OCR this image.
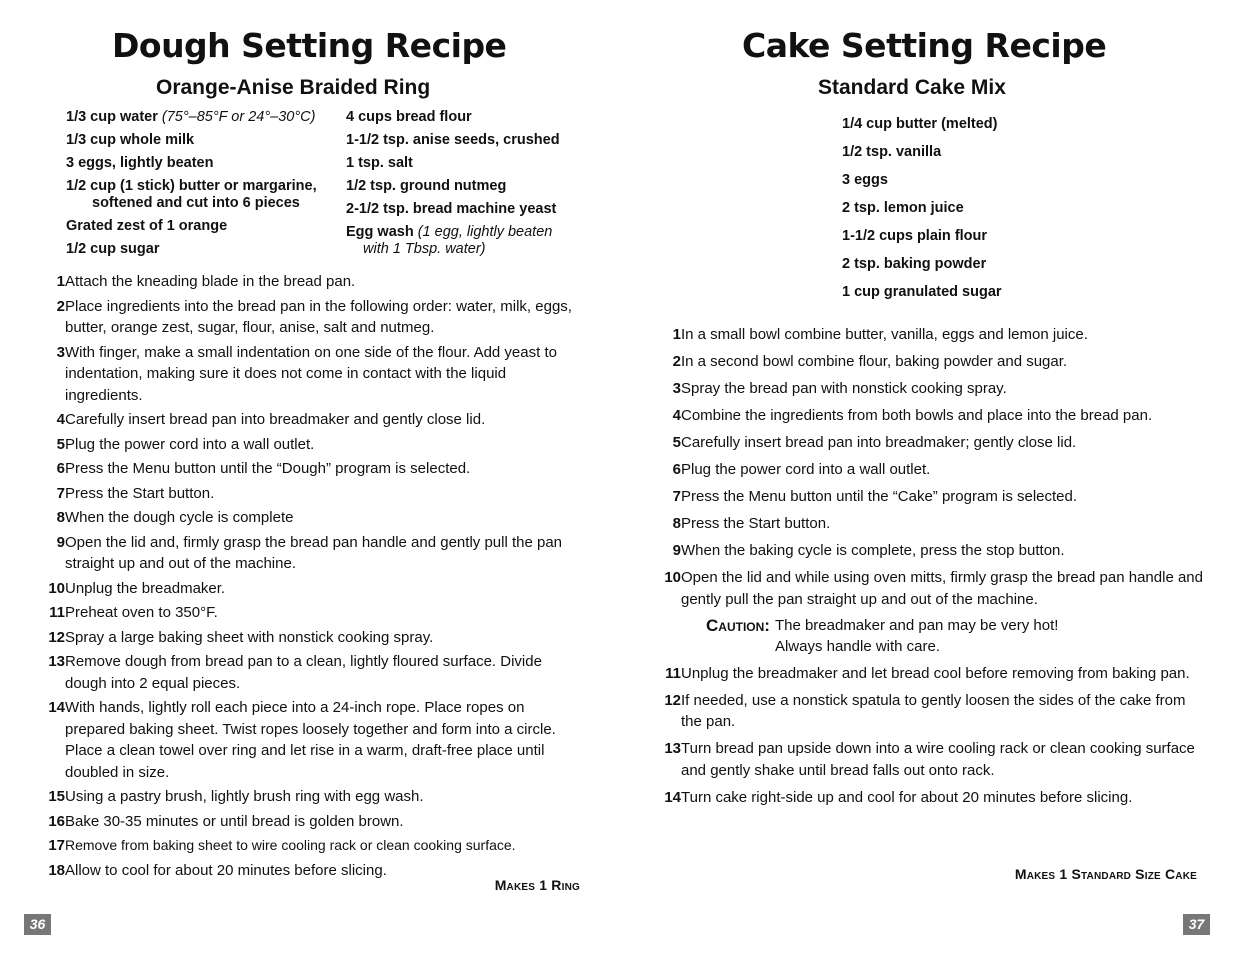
Dough Setting Recipe
Orange-Anise Braided Ring
1/3 cup water (75°–85°F or 24°–30°C)
1/3 cup whole milk
3 eggs, lightly beaten
1/2 cup (1 stick) butter or margarine,
softened and cut into 6 pieces
Grated zest of 1 orange
1/2 cup sugar
4 cups bread flour
1-1/2 tsp. anise seeds, crushed
1 tsp. salt
1/2 tsp. ground nutmeg
2-1/2 tsp. bread machine yeast
Egg wash (1 egg, lightly beaten
with 1 Tbsp. water)
1 Attach the kneading blade in the bread pan.
2 Place ingredients into the bread pan in the following order: water, milk, eggs, butter, orange zest, sugar, flour, anise, salt and nutmeg.
3 With finger, make a small indentation on one side of the flour. Add yeast to indentation, making sure it does not come in contact with the liquid ingredients.
4 Carefully insert bread pan into breadmaker and gently close lid.
5 Plug the power cord into a wall outlet.
6 Press the Menu button until the “Dough” program is selected.
7 Press the Start button.
8 When the dough cycle is complete
9 Open the lid and, firmly grasp the bread pan handle and gently pull the pan straight up and out of the machine.
10 Unplug the breadmaker.
11 Preheat oven to 350°F.
12 Spray a large baking sheet with nonstick cooking spray.
13 Remove dough from bread pan to a clean, lightly floured surface. Divide dough into 2 equal pieces.
14 With hands, lightly roll each piece into a 24-inch rope. Place ropes on prepared baking sheet. Twist ropes loosely together and form into a circle. Place a clean towel over ring and let rise in a warm, draft-free place until doubled in size.
15 Using a pastry brush, lightly brush ring with egg wash.
16 Bake 30-35 minutes or until bread is golden brown.
17 Remove from baking sheet to wire cooling rack or clean cooking surface.
18 Allow to cool for about 20 minutes before slicing.
Makes 1 Ring
36
Cake Setting Recipe
Standard Cake Mix
1/4 cup butter (melted)
1/2 tsp. vanilla
3 eggs
2 tsp. lemon juice
1-1/2 cups plain flour
2 tsp. baking powder
1 cup granulated sugar
1 In a small bowl combine butter, vanilla, eggs and lemon juice.
2 In a second bowl combine flour, baking powder and sugar.
3 Spray the bread pan with nonstick cooking spray.
4 Combine the ingredients from both bowls and place into the bread pan.
5 Carefully insert bread pan into breadmaker; gently close lid.
6 Plug the power cord into a wall outlet.
7 Press the Menu button until the “Cake” program is selected.
8 Press the Start button.
9 When the baking cycle is complete, press the stop button.
10 Open the lid and while using oven mitts, firmly grasp the bread pan handle and gently pull the pan straight up and out of the machine.
Caution: The breadmaker and pan may be very hot!
Always handle with care.
11 Unplug the breadmaker and let bread cool before removing from baking pan.
12 If needed, use a nonstick spatula to gently loosen the sides of the cake from the pan.
13 Turn bread pan upside down into a wire cooling rack or clean cooking surface and gently shake until bread falls out onto rack.
14 Turn cake right-side up and cool for about 20 minutes before slicing.
Makes 1 Standard Size Cake
37
